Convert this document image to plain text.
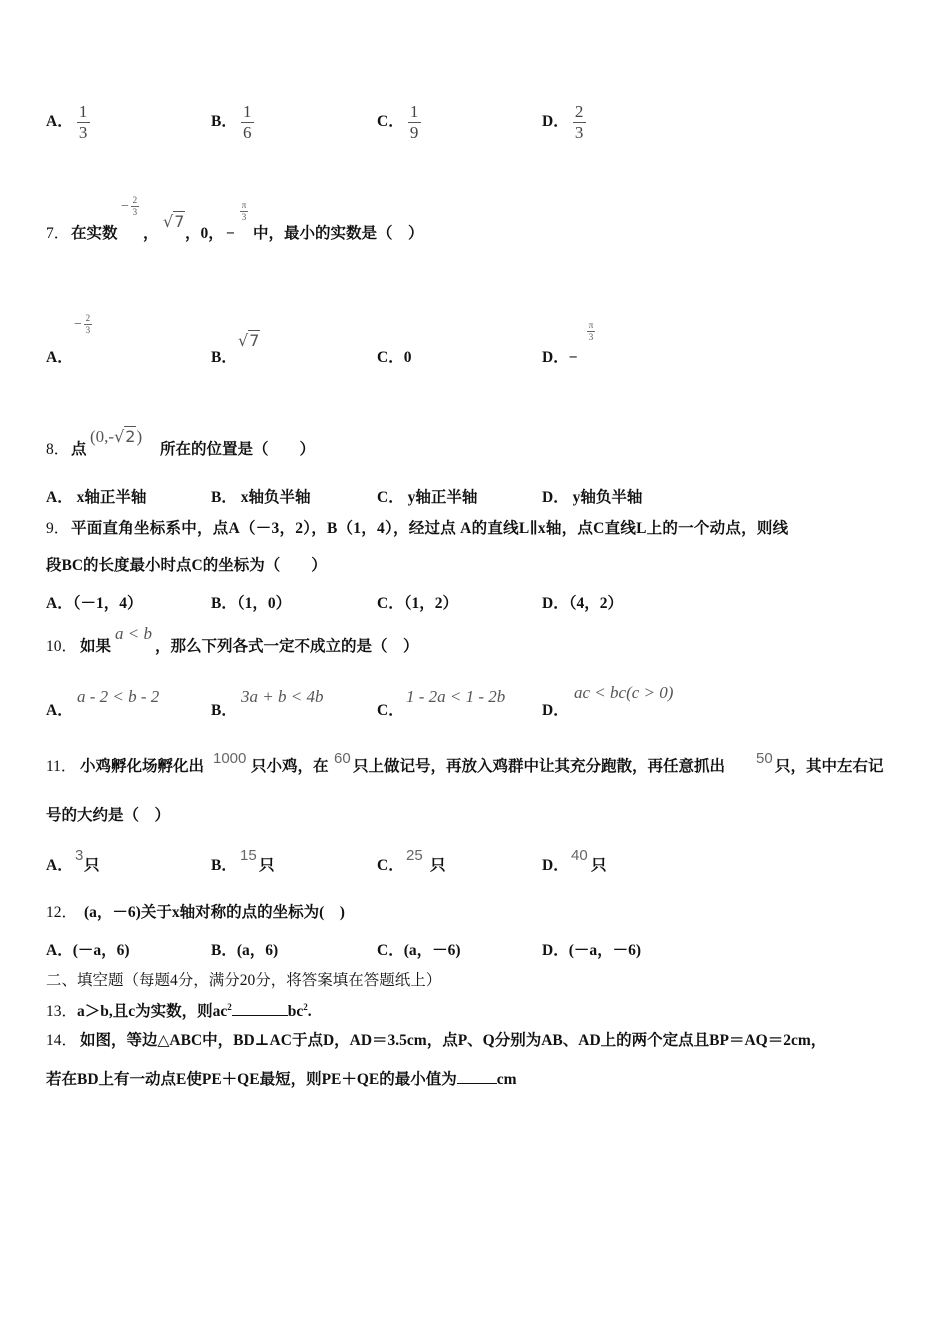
A． $\frac{1}{3}$	B． $\frac{1}{6}$	C． $\frac{1}{9}$	D． $\frac{2}{3}$
7． 在实数
− 2
3
，
√7
，0， −
$\frac{\pi}{3}$
中，最小的实数是（　）
A．
− 2
3
B．
√7
C．0	D．−
$\frac{\pi}{3}$
8． 点
(0,-√2)
所在的位置是（　　）
A． x轴正半轴	B． x轴负半轴	C． y轴正半轴	D． y轴负半轴
9． 平面直角坐标系中，点A（－3，2），B（1，4），经过点 A的直线L∥x轴，点C直线L上的一个动点，则线
段BC的长度最小时点C的坐标为（　　）
A．（－1，4）	B．（1，0）	C．（1，2）	D．（4，2）
10． 如果
a < b
，那么下列各式一定不成立的是（　）
A．
a - 2 < b - 2
B．
3a + b < 4b
C．
1 - 2a < 1 - 2b
D．
ac < bc(c > 0)
11． 小鸡孵化场孵化出 1000 只小鸡，在 60 只上做记号，再放入鸡群中让其充分跑散，再任意抓出 50 只，其中左右记
号的大约是（　）
A．
3
只	B．
15
只	C．
25
只	D．
40
只
12． (a，－6)关于x轴对称的点的坐标为(　)
A．(－a，6)	B．(a，6)	C．(a，－6)	D．(－a，－6)
二、填空题（每题4分，满分20分，将答案填在答题纸上）
13．a＞b,且c为实数，则$ac^2$	$bc^2$.
14． 如图，等边△ABC中，BD⊥AC于点D，AD＝3.5cm，点P、Q分别为AB、AD上的两个定点且BP＝AQ＝2cm，
若在BD上有一动点E使PE＋QE最短，则PE＋QE的最小值为	cm
